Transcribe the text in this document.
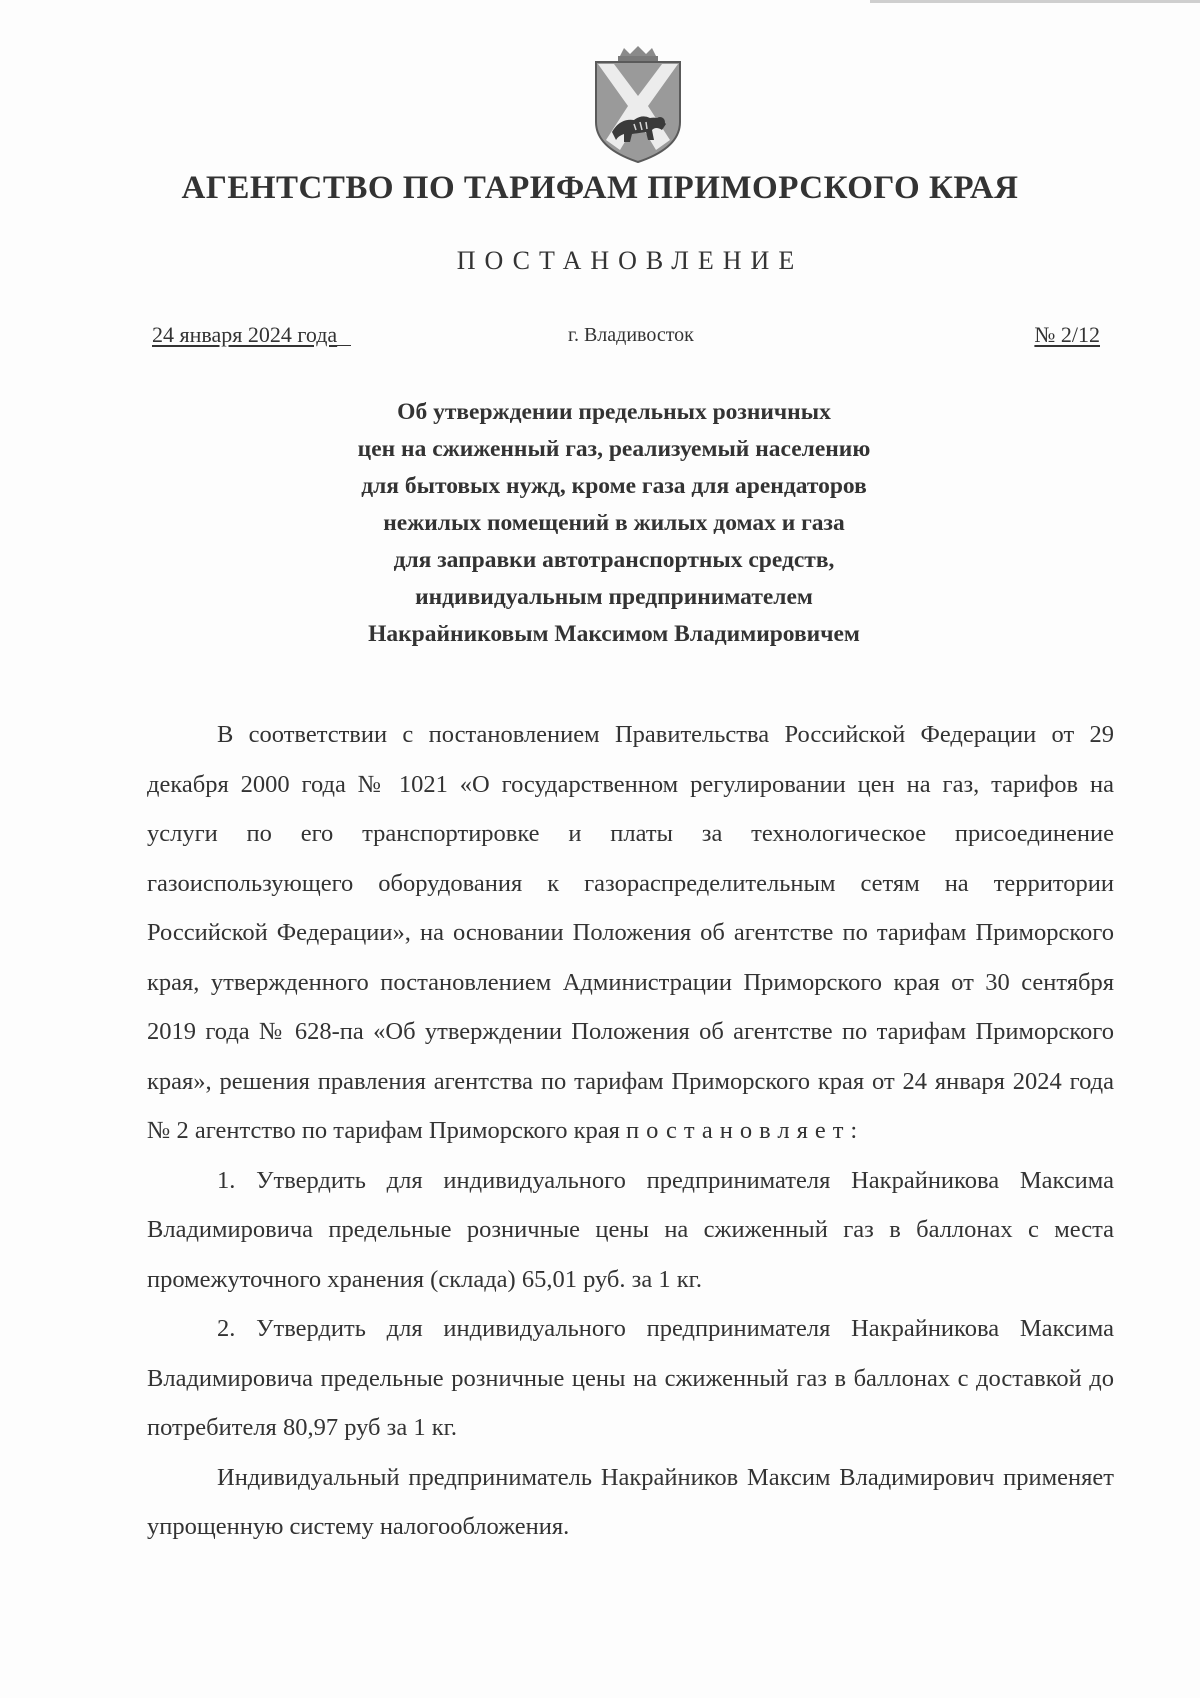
АГЕНТСТВО ПО ТАРИФАМ ПРИМОРСКОГО КРАЯ
ПОСТАНОВЛЕНИЕ
24 января 2024 года	г. Владивосток	№ 2/12
Об утверждении предельных розничных
цен на сжиженный газ, реализуемый населению
для бытовых нужд, кроме газа для арендаторов
нежилых помещений в жилых домах и газа
для заправки автотранспортных средств,
индивидуальным предпринимателем
Накрайниковым Максимом Владимировичем

В соответствии с постановлением Правительства Российской Федерации от 29 декабря 2000 года № 1021 «О государственном регулировании цен на газ, тарифов на услуги по его транспортировке и платы за технологическое присоединение газоиспользующего оборудования к газораспределительным сетям на территории Российской Федерации», на основании Положения об агентстве по тарифам Приморского края, утвержденного постановлением Администрации Приморского края от 30 сентября 2019 года № 628-па «Об утверждении Положения об агентстве по тарифам Приморского края», решения правления агентства по тарифам Приморского края от 24 января 2024 года № 2 агентство по тарифам Приморского края постановляет:

1. Утвердить для индивидуального предпринимателя Накрайникова Максима Владимировича предельные розничные цены на сжиженный газ в баллонах с места промежуточного хранения (склада) 65,01 руб. за 1 кг.

2. Утвердить для индивидуального предпринимателя Накрайникова Максима Владимировича предельные розничные цены на сжиженный газ в баллонах с доставкой до потребителя 80,97 руб за 1 кг.

Индивидуальный предприниматель Накрайников Максим Владимирович применяет упрощенную систему налогообложения.
